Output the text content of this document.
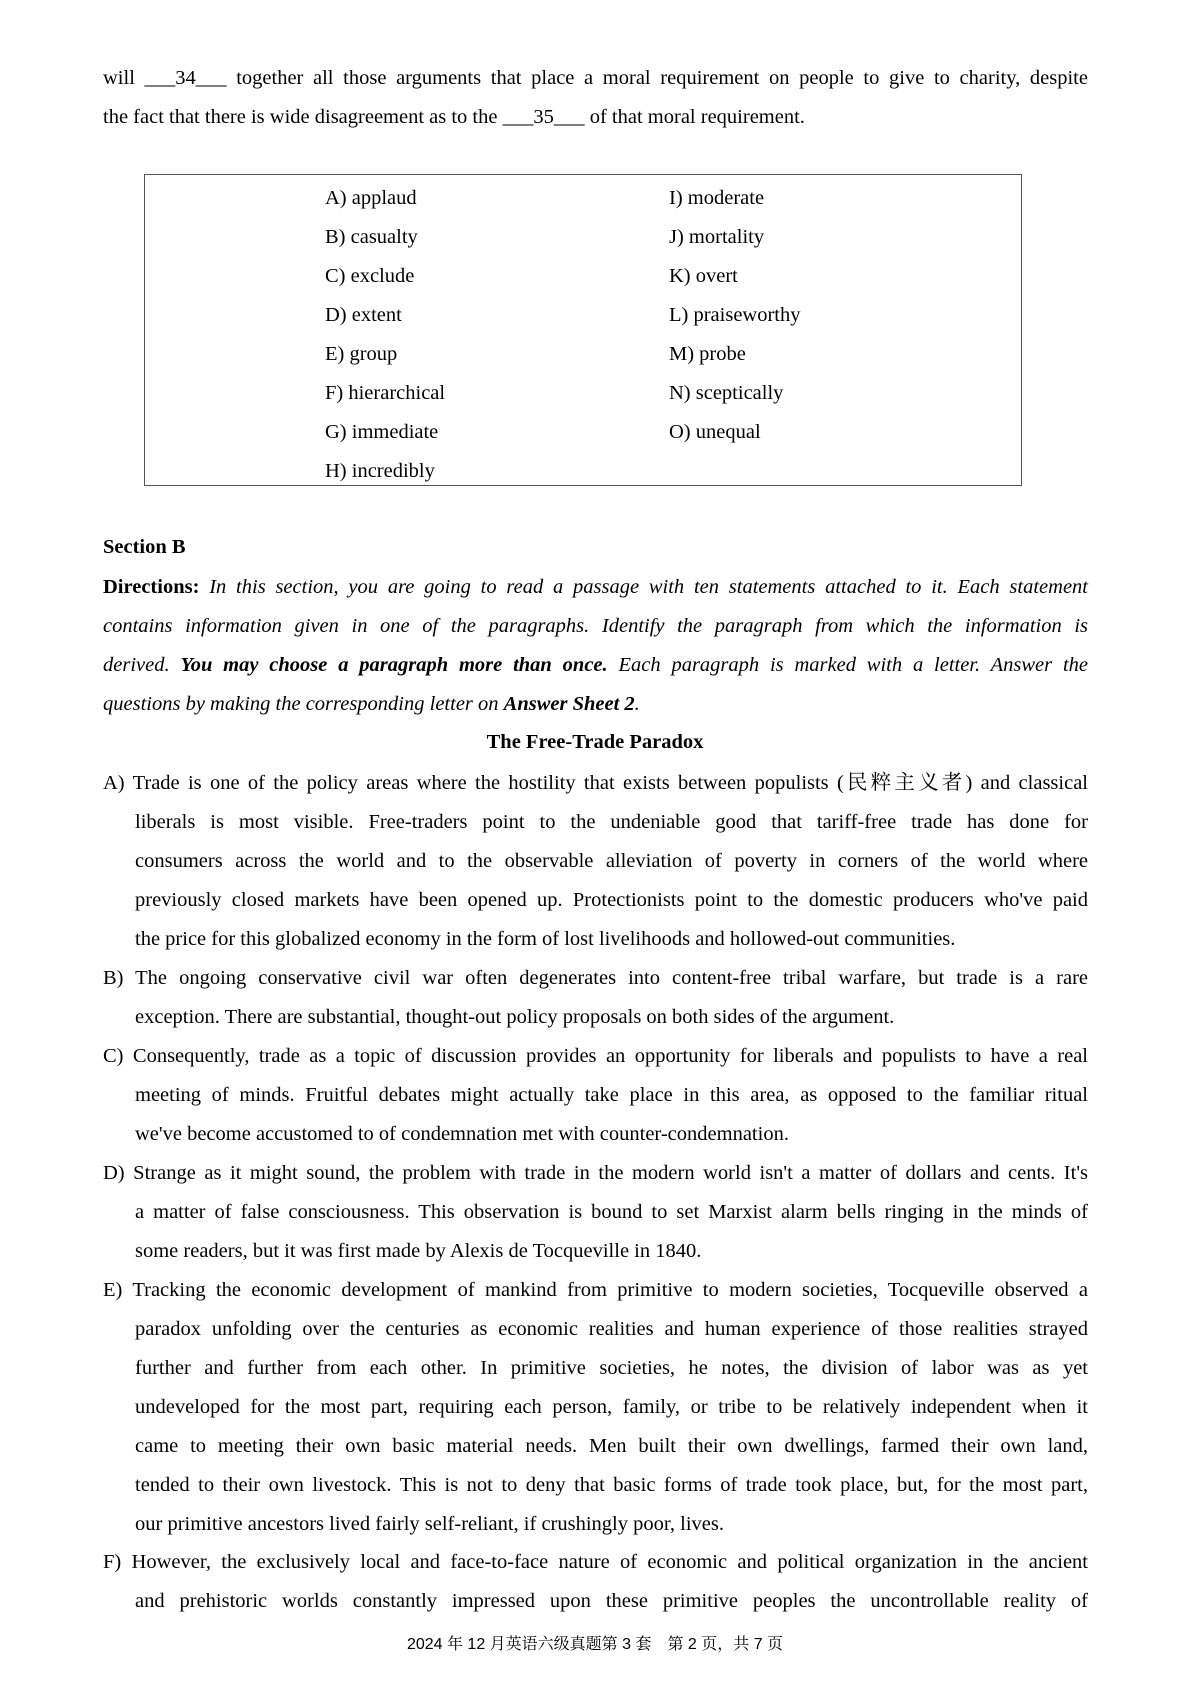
will ___34___ together all those arguments that place a moral requirement on people to give to charity, despite
the fact that there is wide disagreement as to the ___35___ of that moral requirement.
A) applaud
B) casualty
C) exclude
D) extent
E) group
F) hierarchical
G) immediate
H) incredibly
I) moderate
J) mortality
K) overt
L) praiseworthy
M) probe
N) sceptically
O) unequal
Section B
Directions: In this section, you are going to read a passage with ten statements attached to it. Each statement
contains information given in one of the paragraphs. Identify the paragraph from which the information is
derived. You may choose a paragraph more than once. Each paragraph is marked with a letter. Answer the
questions by making the corresponding letter on Answer Sheet 2.
The Free-Trade Paradox
A) Trade is one of the policy areas where the hostility that exists between populists (民粹主义者) and classical
liberals is most visible. Free-traders point to the undeniable good that tariff-free trade has done for
consumers across the world and to the observable alleviation of poverty in corners of the world where
previously closed markets have been opened up. Protectionists point to the domestic producers who've paid
the price for this globalized economy in the form of lost livelihoods and hollowed-out communities.
B) The ongoing conservative civil war often degenerates into content-free tribal warfare, but trade is a rare
exception. There are substantial, thought-out policy proposals on both sides of the argument.
C) Consequently, trade as a topic of discussion provides an opportunity for liberals and populists to have a real
meeting of minds. Fruitful debates might actually take place in this area, as opposed to the familiar ritual
we've become accustomed to of condemnation met with counter-condemnation.
D) Strange as it might sound, the problem with trade in the modern world isn't a matter of dollars and cents. It's
a matter of false consciousness. This observation is bound to set Marxist alarm bells ringing in the minds of
some readers, but it was first made by Alexis de Tocqueville in 1840.
E) Tracking the economic development of mankind from primitive to modern societies, Tocqueville observed a
paradox unfolding over the centuries as economic realities and human experience of those realities strayed
further and further from each other. In primitive societies, he notes, the division of labor was as yet
undeveloped for the most part, requiring each person, family, or tribe to be relatively independent when it
came to meeting their own basic material needs. Men built their own dwellings, farmed their own land,
tended to their own livestock. This is not to deny that basic forms of trade took place, but, for the most part,
our primitive ancestors lived fairly self-reliant, if crushingly poor, lives.
F) However, the exclusively local and face-to-face nature of economic and political organization in the ancient
and prehistoric worlds constantly impressed upon these primitive peoples the uncontrollable reality of
2024 年 12 月英语六级真题第 3 套　第 2 页，共 7 页
